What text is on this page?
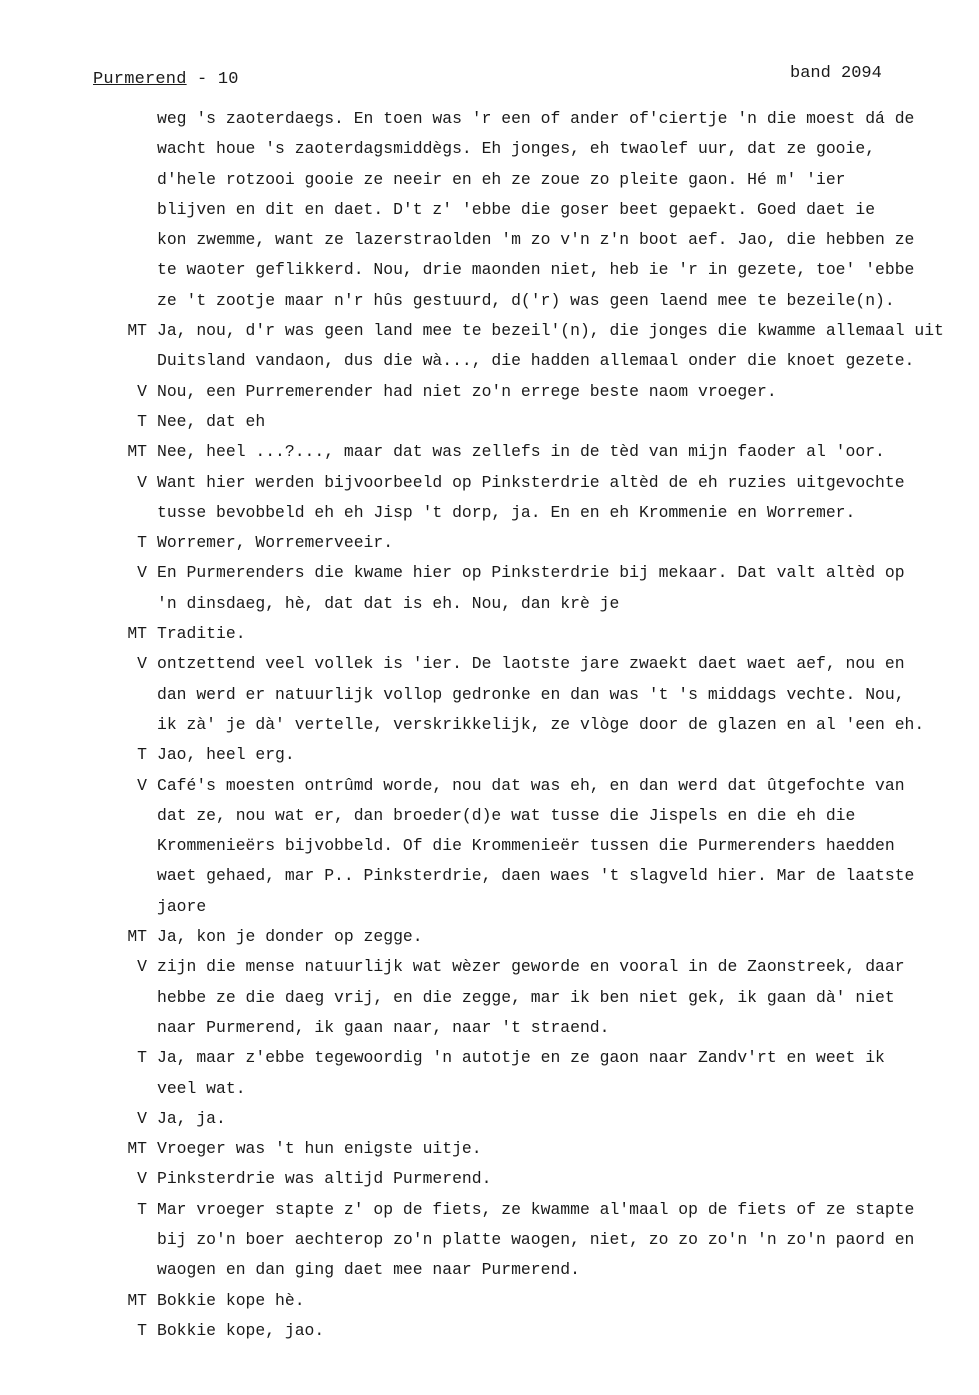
Purmerend - 10	band 2094
weg 's zaoterdaegs. En toen was 'r een of ander of'ciertje 'n die moest dá de
wacht houe 's zaoterdagsmiddègs. Eh jonges, eh twaolef uur, dat ze gooie,
d'hele rotzooi gooie ze neeir en eh ze zoue zo pleite gaon. Hé m' 'ier
blijven en dit en daet. D't z' 'ebbe die goser beet gepaekt. Goed daet ie
kon zwemme, want ze lazerstraolden 'm zo v'n z'n boot aef. Jao, die hebben ze
te waoter geflikkerd. Nou, drie maonden niet, heb ie 'r in gezete, toe' 'ebbe
ze 't zootje maar n'r hûs gestuurd, d('r) was geen laend mee te bezeile(n).
MT Ja, nou, d'r was geen land mee te bezeil'(n), die jonges die kwamme allemaal uit
Duitsland vandaon, dus die wà..., die hadden allemaal onder die knoet gezete.
V Nou, een Purremerender had niet zo'n errege beste naom vroeger.
T Nee, dat eh
MT Nee, heel ...?..., maar dat was zellefs in de tèd van mijn faoder al 'oor.
V Want hier werden bijvoorbeeld op Pinksterdrie altèd de eh ruzies uitgevochte
tusse bevobbeld eh eh Jisp 't dorp, ja. En en eh Krommenie en Worremer.
T Worremer, Worremerveeir.
V En Purmerenders die kwame hier op Pinksterdrie bij mekaar. Dat valt altèd op
'n dinsdaeg, hè, dat dat is eh. Nou, dan krè je
MT Traditie.
V ontzettend veel vollek is 'ier. De laotste jare zwaekt daet waet aef, nou en
dan werd er natuurlijk vollop gedronke en dan was 't 's middags vechte. Nou,
ik zà' je dà' vertelle, verskrikkelijk, ze vlòge door de glazen en al 'een eh.
T Jao, heel erg.
V Café's moesten ontrûmd worde, nou dat was eh, en dan werd dat ûtgefochte van
dat ze, nou wat er, dan broeder(d)e wat tusse die Jispels en die eh die
Krommenieërs bijvobbeld. Of die Krommenieër tussen die Purmerenders haedden
waet gehaed, mar P.. Pinksterdrie, daen waes 't slagveld hier. Mar de laatste
jaore
MT Ja, kon je donder op zegge.
V zijn die mense natuurlijk wat wèzer geworde en vooral in de Zaonstreek, daar
hebbe ze die daeg vrij, en die zegge, mar ik ben niet gek, ik gaan dà' niet
naar Purmerend, ik gaan naar, naar 't straend.
T Ja, maar z'ebbe tegewoordig 'n autotje en ze gaon naar Zandv'rt en weet ik
veel wat.
V Ja, ja.
MT Vroeger was 't hun enigste uitje.
V Pinksterdrie was altijd Purmerend.
T Mar vroeger stapte z' op de fiets, ze kwamme al'maal op de fiets of ze stapte
bij zo'n boer aechterop zo'n platte waogen, niet, zo zo zo'n 'n zo'n paord en
waogen en dan ging daet mee naar Purmerend.
MT Bokkie kope hè.
T Bokkie kope, jao.
